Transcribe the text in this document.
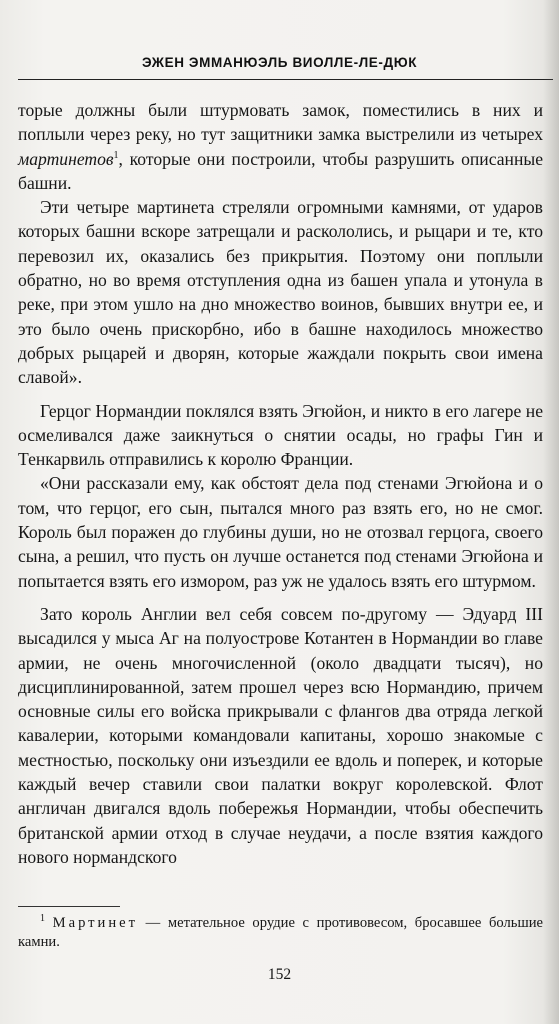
ЭЖЕН ЭММАНЮЭЛЬ ВИОЛЛЕ-ЛЕ-ДЮК

торые должны были штурмовать замок, поместились в них и поплыли через реку, но тут защитники замка выстрелили из четырех мартинетов$^1$, которые они построили, чтобы разрушить описанные башни.

Эти четыре мартинета стреляли огромными камнями, от ударов которых башни вскоре затрещали и раскололись, и рыцари и те, кто перевозил их, оказались без прикрытия. Поэтому они поплыли обратно, но во время отступления одна из башен упала и утонула в реке, при этом ушло на дно множество воинов, бывших внутри ее, и это было очень прискорбно, ибо в башне находилось множество добрых рыцарей и дворян, которые жаждали покрыть свои имена славой».

Герцог Нормандии поклялся взять Эгюйон, и никто в его лагере не осмеливался даже заикнуться о снятии осады, но графы Гин и Тенкарвиль отправились к королю Франции.

«Они рассказали ему, как обстоят дела под стенами Эгюйона и о том, что герцог, его сын, пытался много раз взять его, но не смог. Король был поражен до глубины души, но не отозвал герцога, своего сына, а решил, что пусть он лучше останется под стенами Эгюйона и попытается взять его измором, раз уж не удалось взять его штурмом.

Зато король Англии вел себя совсем по-другому — Эдуард III высадился у мыса Аг на полуострове Котантен в Нормандии во главе армии, не очень многочисленной (около двадцати тысяч), но дисциплинированной, затем прошел через всю Нормандию, причем основные силы его войска прикрывали с флангов два отряда легкой кавалерии, которыми командовали капитаны, хорошо знакомые с местностью, поскольку они изъездили ее вдоль и поперек, и которые каждый вечер ставили свои палатки вокруг королевской. Флот англичан двигался вдоль побережья Нормандии, чтобы обеспечить британской армии отход в случае неудачи, а после взятия каждого нового нормандского

$^1$ Мартинет — метательное орудие с противовесом, бросавшее большие камни.

152
